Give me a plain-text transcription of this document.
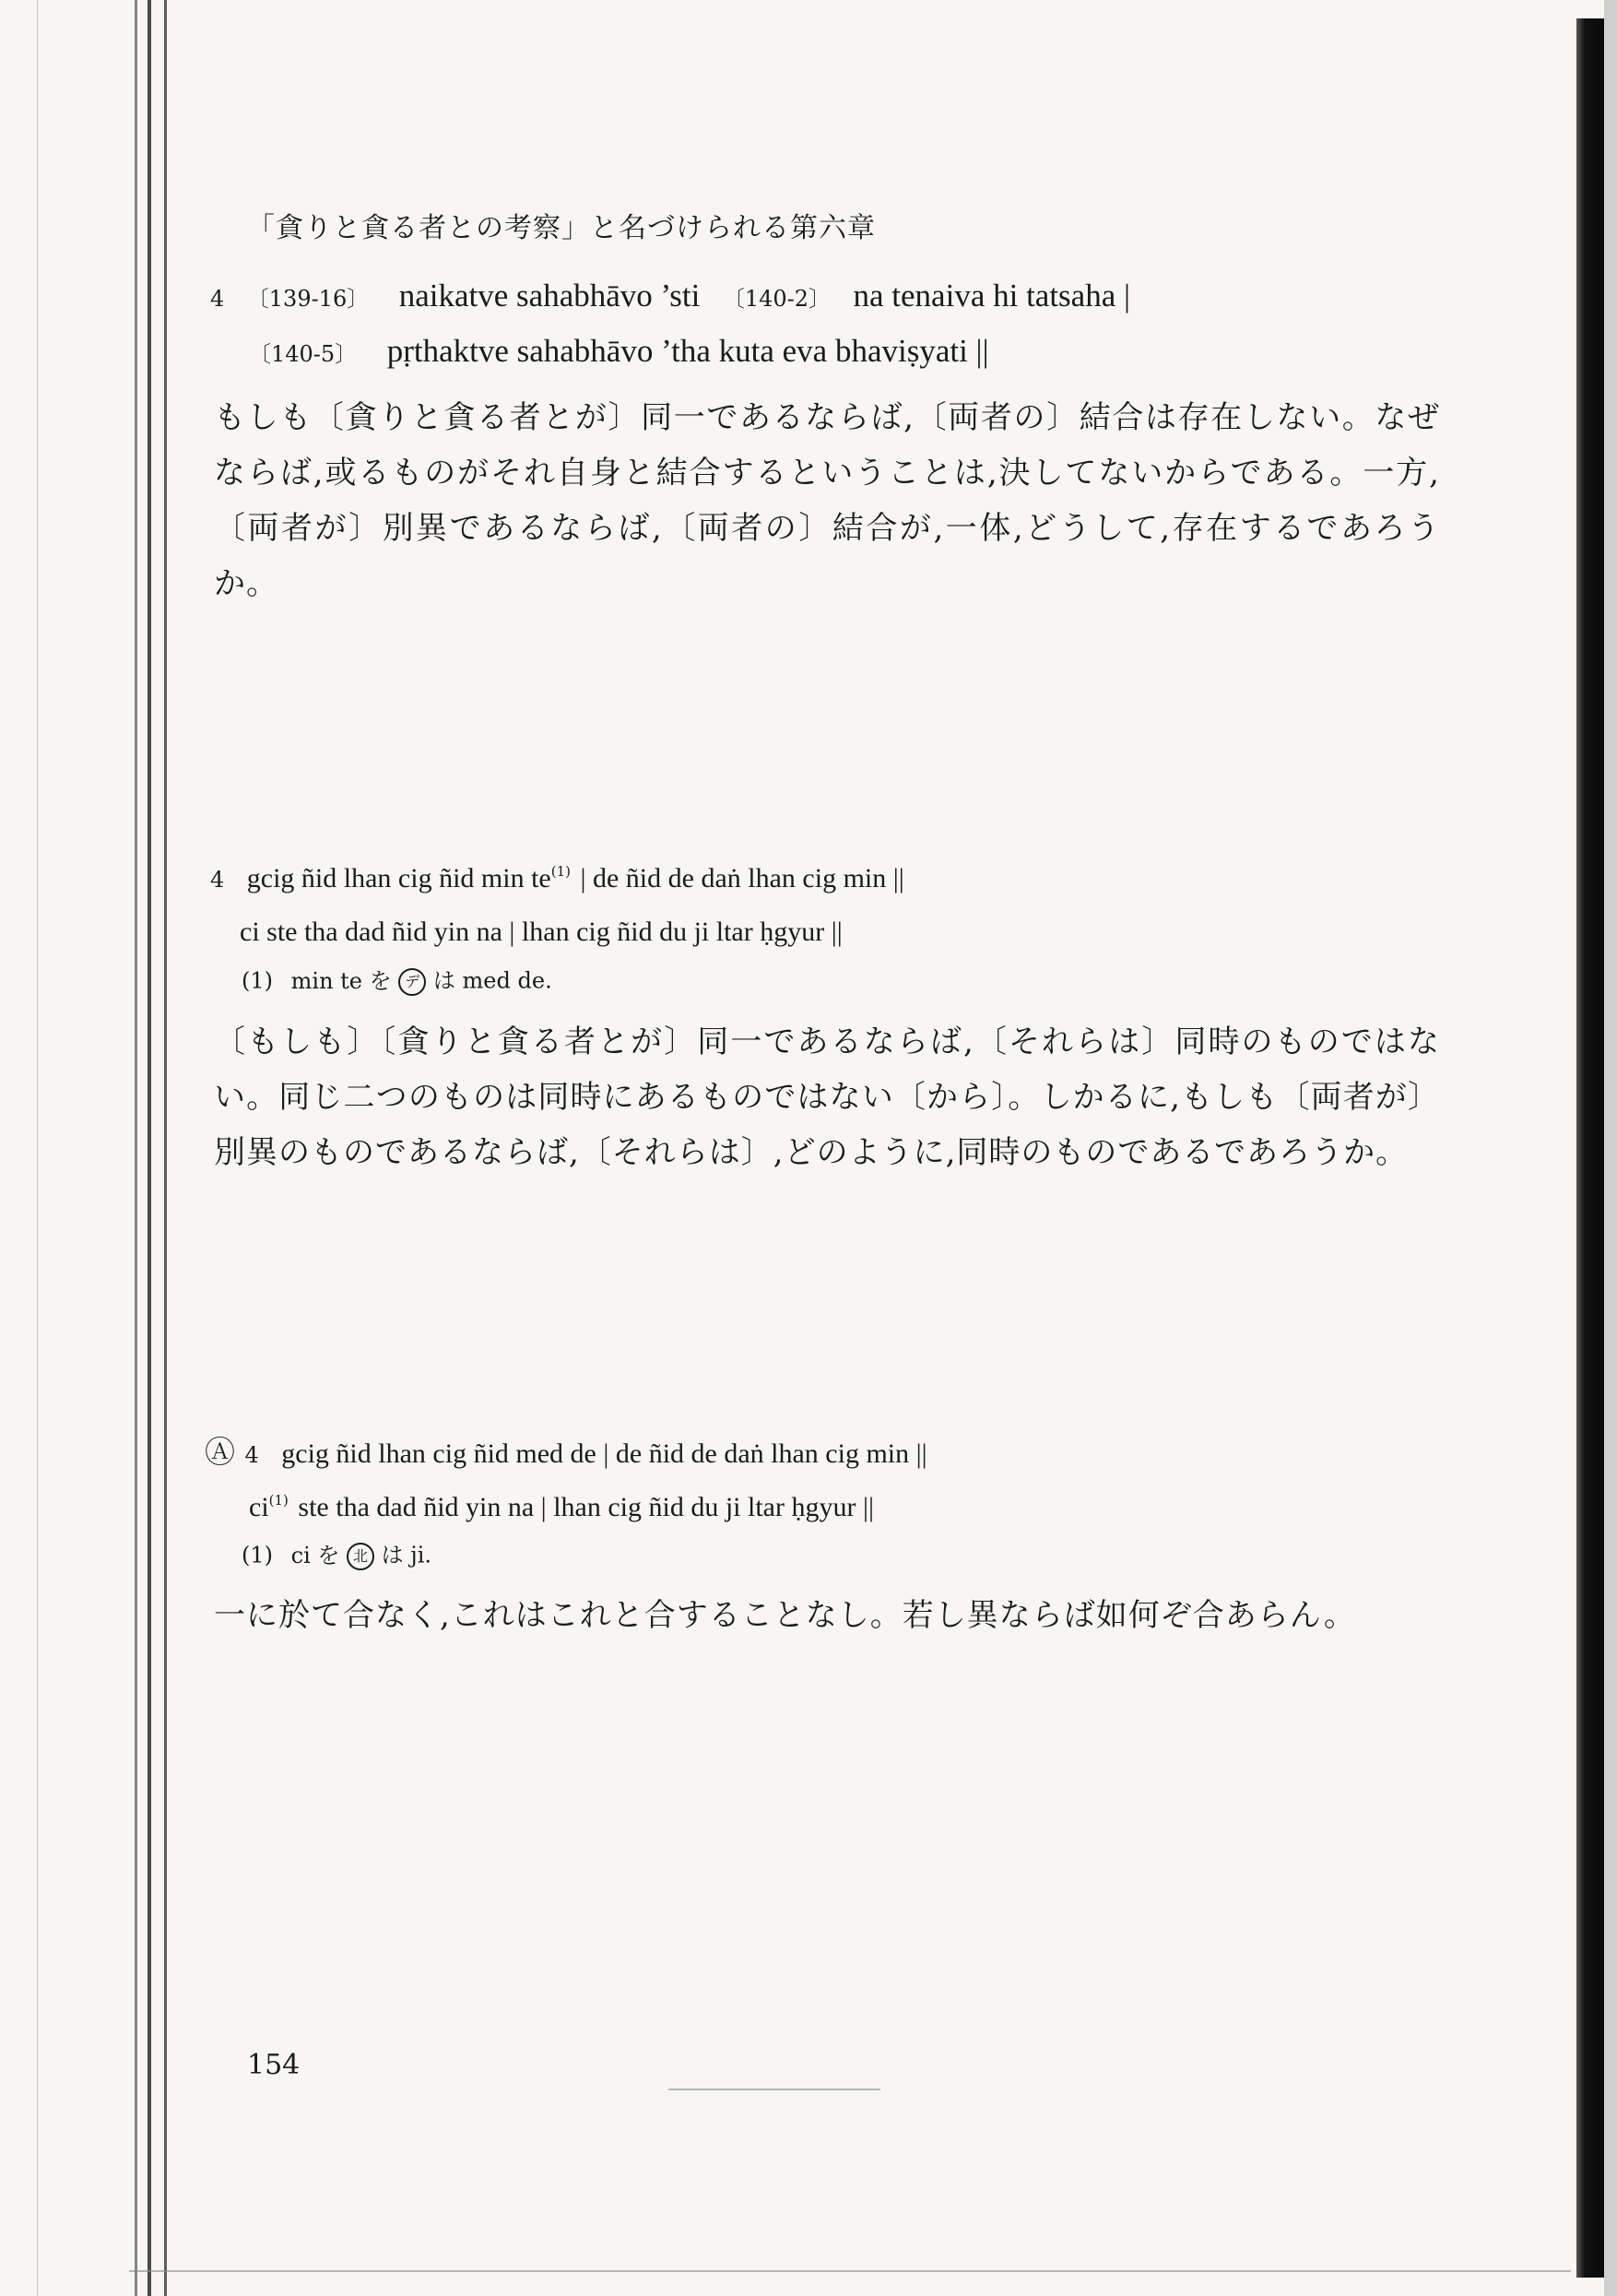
「貪りと貪る者との考察」と名づけられる第六章
4 〔139-16〕 naikatve sahabhāvo ’sti 〔140-2〕 na tenaiva hi tatsaha |
〔140-5〕 pṛthaktve sahabhāvo ’tha kuta eva bhaviṣyati ||
もしも〔貪りと貪る者とが〕同一であるならば,〔両者の〕結合は存在しない。なぜならば,或るものがそれ自身と結合するということは,決してないからである。一方,〔両者が〕別異であるならば,〔両者の〕結合が,一体,どうして,存在するであろうか。
4 gcig ñid lhan cig ñid $\min te^{(1)}$ | de ñid de daṅ lhan cig min ||
ci ste tha dad ñid yin na | lhan cig ñid du ji ltar ḥgyur ||
(1) min te を デ は med de.
〔もしも〕〔貪りと貪る者とが〕同一であるならば,〔それらは〕同時のものではない。同じ二つのものは同時にあるものではない〔から〕。しかるに,もしも〔両者が〕別異のものであるならば,〔それらは〕,どのように,同時のものであるであろうか。
Ⓐ 4 gcig ñid lhan cig ñid med de | de ñid de daṅ lhan cig min ||
$ci^{(1)}$ ste tha dad ñid yin na | lhan cig ñid du ji ltar ḥgyur ||
(1) ci を 北 は ji.
一に於て合なく,これはこれと合することなし。若し異ならば如何ぞ合あらん。
154
